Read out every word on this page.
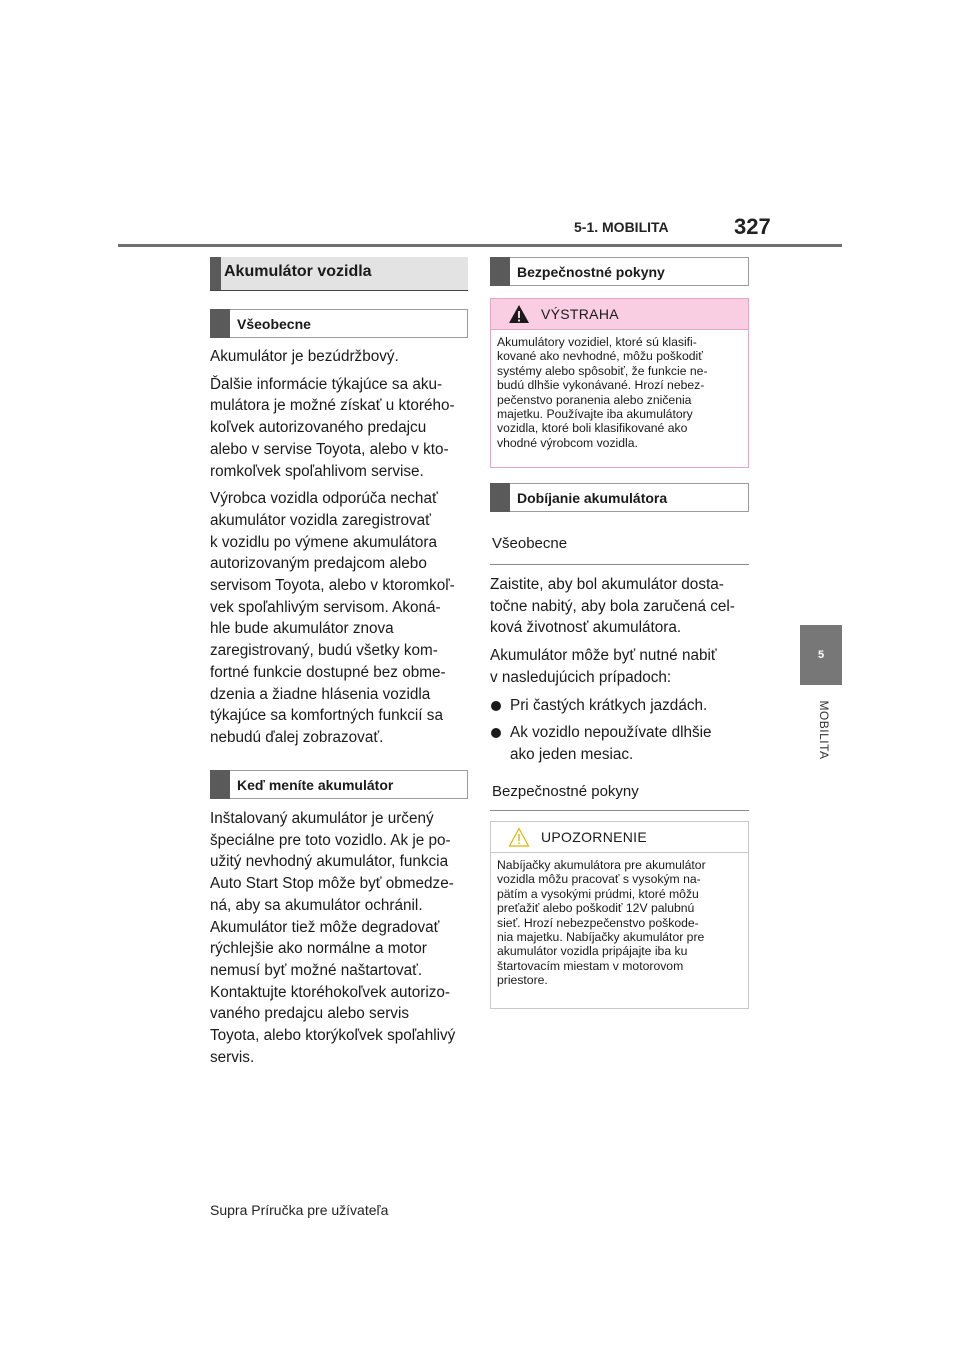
5-1. MOBILITA	327
5
MOBILITA
Akumulátor vozidla
Všeobecne

Akumulátor je bezúdržbový.

Ďalšie informácie týkajúce sa aku-
mulátora je možné získať u ktorého-
koľvek autorizovaného predajcu
alebo v servise Toyota, alebo v kto-
romkoľvek spoľahlivom servise.

Výrobca vozidla odporúča nechať
akumulátor vozidla zaregistrovať
k vozidlu po výmene akumulátora
autorizovaným predajcom alebo
servisom Toyota, alebo v ktoromkoľ-
vek spoľahlivým servisom. Akoná-
hle bude akumulátor znova
zaregistrovaný, budú všetky kom-
fortné funkcie dostupné bez obme-
dzenia a žiadne hlásenia vozidla
týkajúce sa komfortných funkcií sa
nebudú ďalej zobrazovať.

Keď meníte akumulátor

Inštalovaný akumulátor je určený
špeciálne pre toto vozidlo. Ak je po-
užitý nevhodný akumulátor, funkcia
Auto Start Stop môže byť obmedze-
ná, aby sa akumulátor ochránil.
Akumulátor tiež môže degradovať
rýchlejšie ako normálne a motor
nemusí byť možné naštartovať.
Kontaktujte ktoréhokoľvek autorizo-
vaného predajcu alebo servis
Toyota, alebo ktorýkoľvek spoľahlivý
servis.

Bezpečnostné pokyny
VÝSTRAHA
Akumulátory vozidiel, ktoré sú klasifi-
kované ako nevhodné, môžu poškodiť
systémy alebo spôsobiť, že funkcie ne-
budú dlhšie vykonávané. Hrozí nebez-
pečenstvo poranenia alebo zničenia
majetku. Používajte iba akumulátory
vozidla, ktoré boli klasifikované ako
vhodné výrobcom vozidla.
Dobíjanie akumulátora
Všeobecne

Zaistite, aby bol akumulátor dosta-
točne nabitý, aby bola zaručená cel-
ková životnosť akumulátora.

Akumulátor môže byť nutné nabiť
v nasledujúcich prípadoch:

Pri častých krátkych jazdách.
Ak vozidlo nepoužívate dlhšie
ako jeden mesiac.
Bezpečnostné pokyny
UPOZORNENIE
Nabíjačky akumulátora pre akumulátor
vozidla môžu pracovať s vysokým na-
pätím a vysokými prúdmi, ktoré môžu
preťažiť alebo poškodiť 12V palubnú
sieť. Hrozí nebezpečenstvo poškode-
nia majetku. Nabíjačky akumulátor pre
akumulátor vozidla pripájajte iba ku
štartovacím miestam v motorovom
priestore.
Supra Príručka pre užívateľa
